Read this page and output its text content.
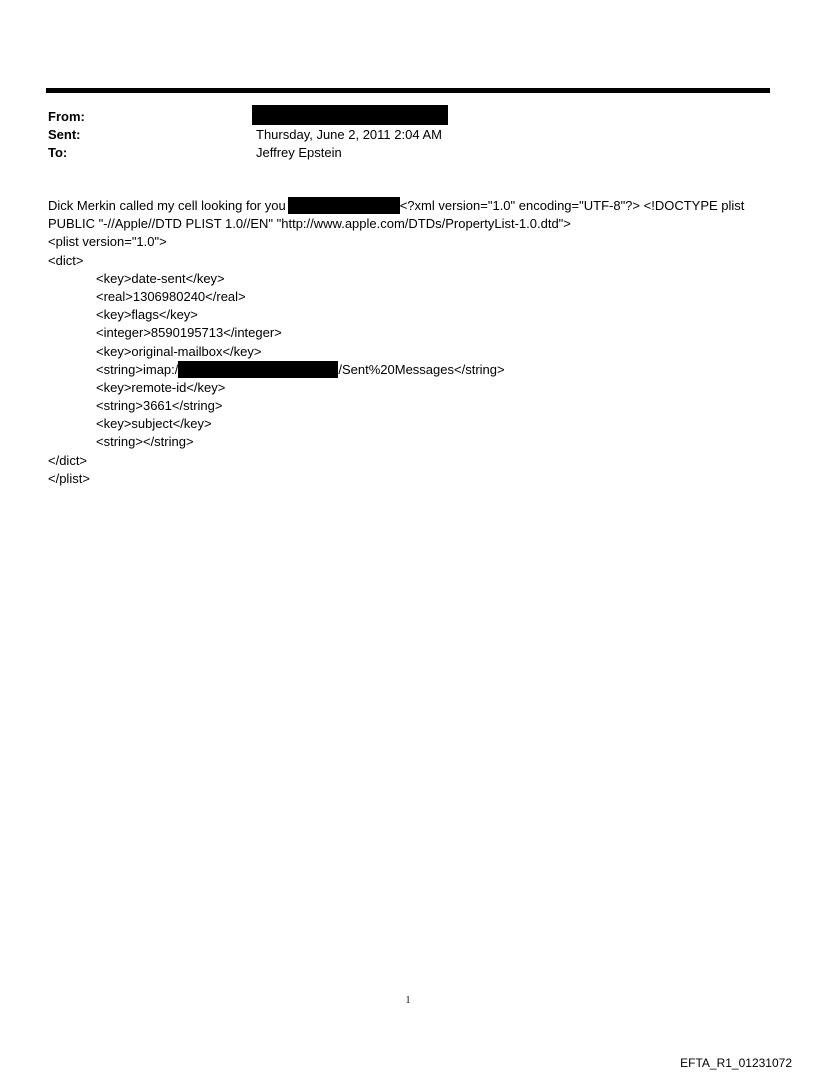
From:
Sent:	Thursday, June 2, 2011 2:04 AM
To:	Jeffrey Epstein
Dick Merkin called my cell looking for you	<?xml version="1.0" encoding="UTF-8"?> <!DOCTYPE plist
PUBLIC "-//Apple//DTD PLIST 1.0//EN" "http://www.apple.com/DTDs/PropertyList-1.0.dtd">
<plist version="1.0">
<dict>
<key>date-sent</key>
<real>1306980240</real>
<key>flags</key>
<integer>8590195713</integer>
<key>original-mailbox</key>
<string>imap:/	/Sent%20Messages</string>
<key>remote-id</key>
<string>3661</string>
<key>subject</key>
<string></string>
</dict>
</plist>
1
EFTA_R1_01231072
